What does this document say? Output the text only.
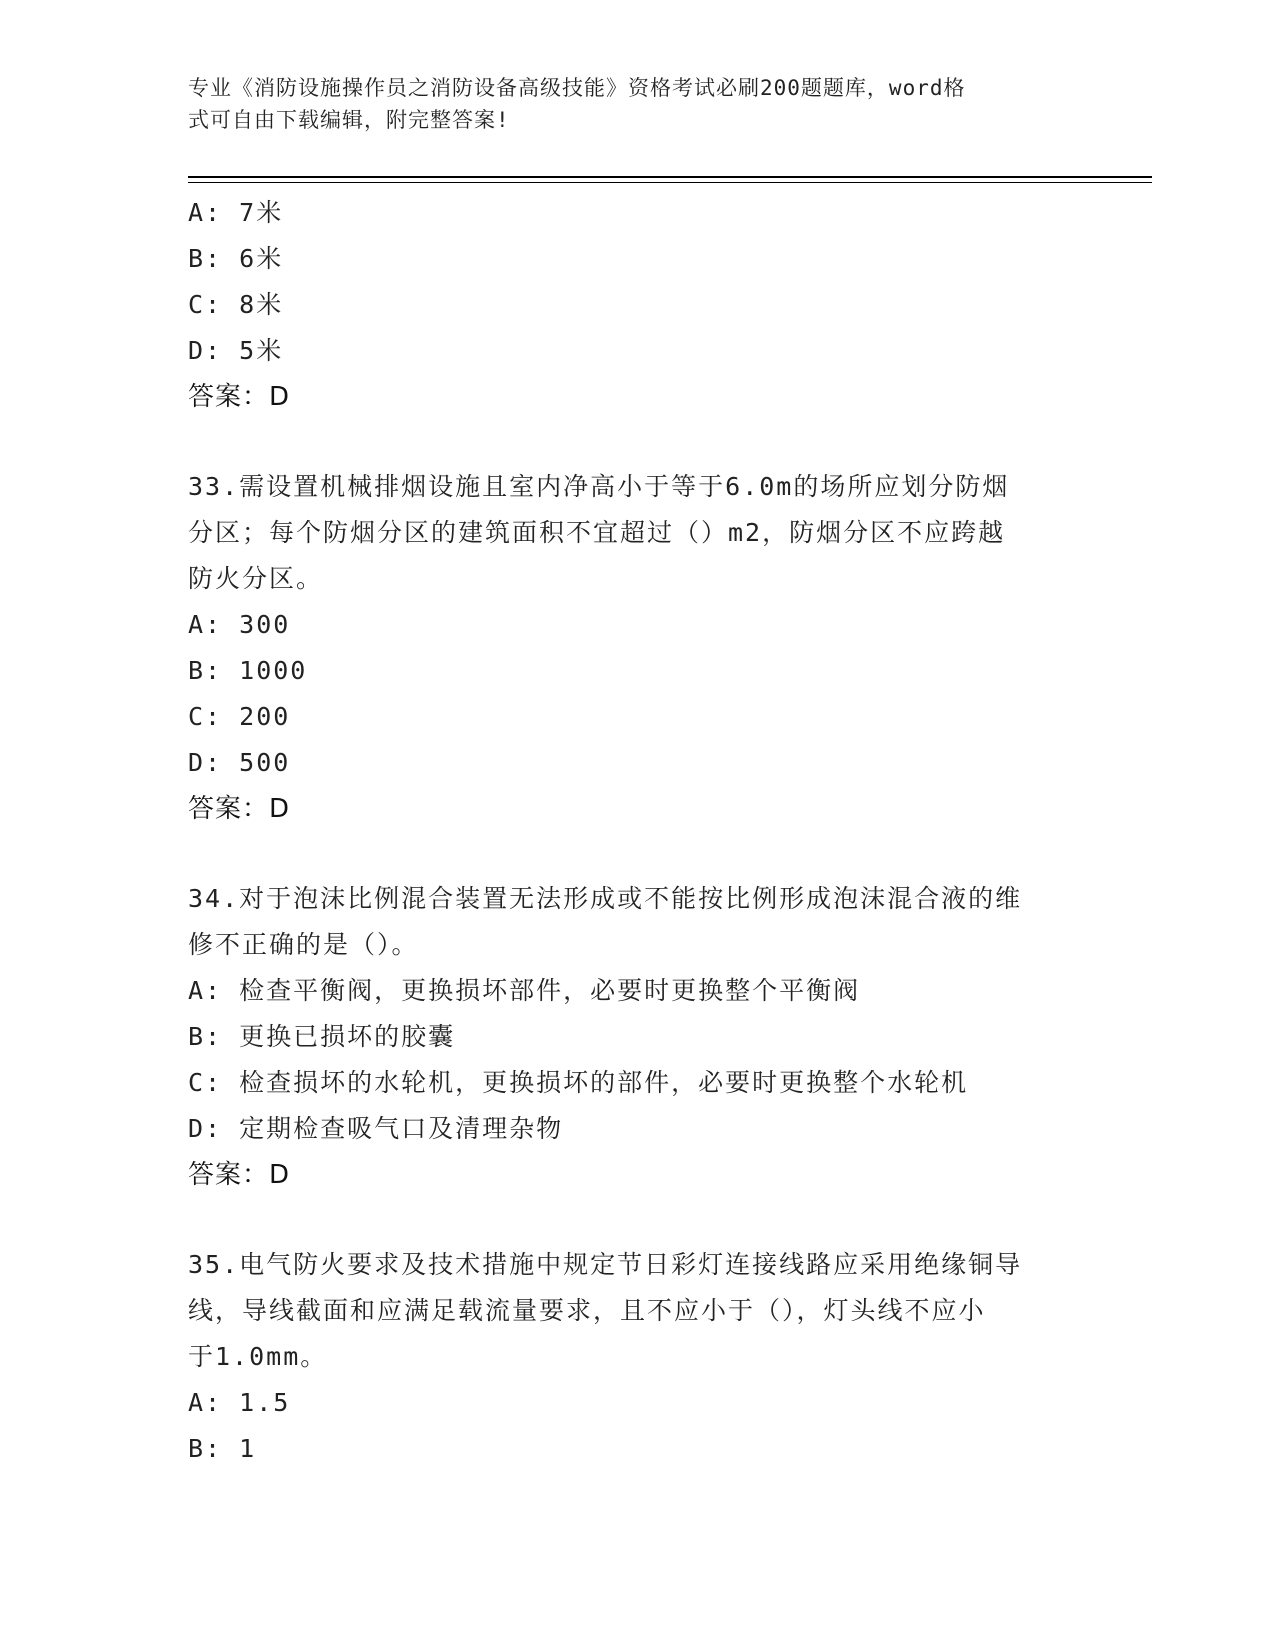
专业《消防设施操作员之消防设备高级技能》资格考试必刷200题题库，word格
式可自由下载编辑，附完整答案!
A: 7米
B: 6米
C: 8米
D: 5米
答案：D
33.需设置机械排烟设施且室内净高小于等于6.0m的场所应划分防烟
分区；每个防烟分区的建筑面积不宜超过（）m2，防烟分区不应跨越
防火分区。
A: 300
B: 1000
C: 200
D: 500
答案：D
34.对于泡沫比例混合装置无法形成或不能按比例形成泡沫混合液的维
修不正确的是（）。
A: 检查平衡阀，更换损坏部件，必要时更换整个平衡阀
B: 更换已损坏的胶囊
C: 检查损坏的水轮机，更换损坏的部件，必要时更换整个水轮机
D: 定期检查吸气口及清理杂物
答案：D
35.电气防火要求及技术措施中规定节日彩灯连接线路应采用绝缘铜导
线，导线截面和应满足载流量要求，且不应小于（），灯头线不应小
于1.0mm。
A: 1.5
B: 1
